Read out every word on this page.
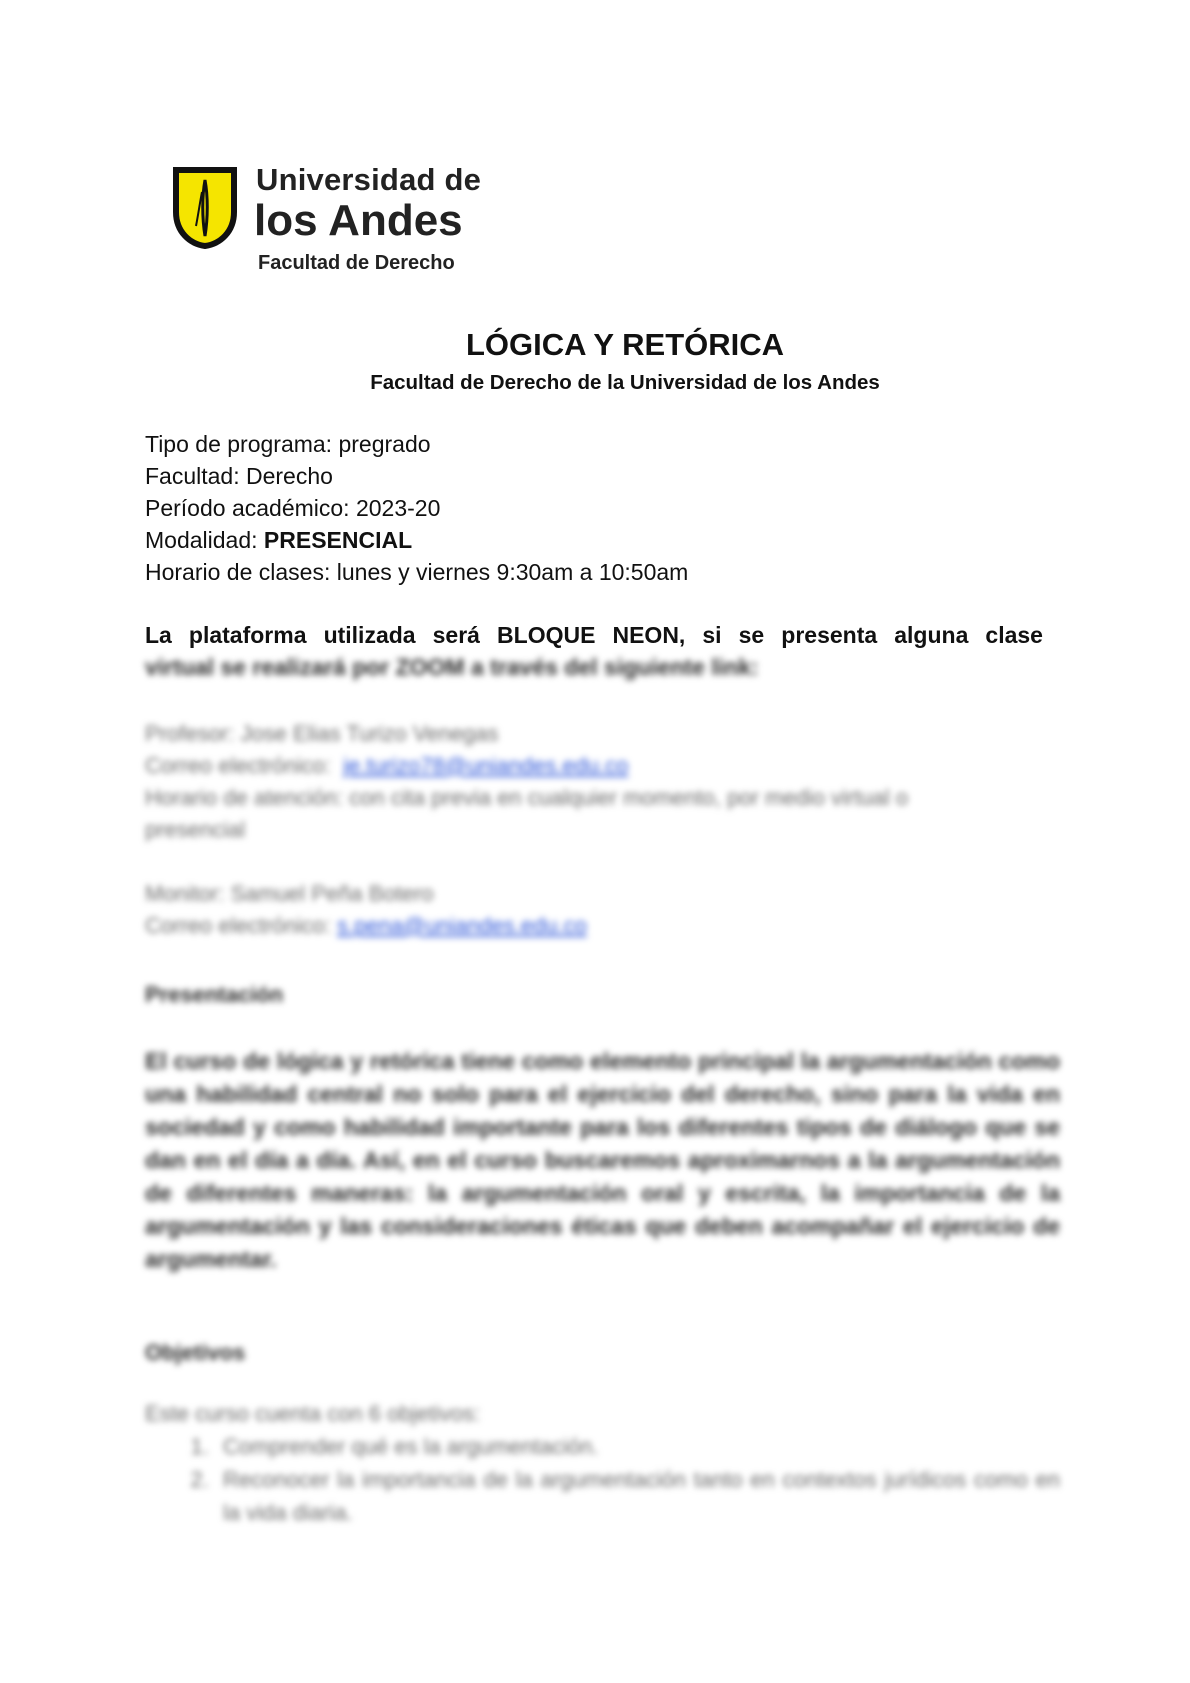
Universidad de
los Andes
Facultad de Derecho
LÓGICA Y RETÓRICA
Facultad de Derecho de la Universidad de los Andes
Tipo de programa: pregrado
Facultad: Derecho
Período académico: 2023-20
Modalidad: PRESENCIAL
Horario de clases: lunes y viernes 9:30am a 10:50am
La plataforma utilizada será BLOQUE NEON, si se presenta alguna clase
virtual se realizará por ZOOM a través del siguiente link:
Profesor: Jose Elias Turizo Venegas
Correo electrónico: je.turizo78@uniandes.edu.co
Horario de atención: con cita previa en cualquier momento, por medio virtual o
presencial
Monitor: Samuel Peña Botero
Correo electrónico: s.pena@uniandes.edu.co
Presentación
El curso de lógica y retórica tiene como elemento principal la argumentación como una habilidad central no solo para el ejercicio del derecho, sino para la vida en sociedad y como habilidad importante para los diferentes tipos de diálogo que se dan en el día a día. Así, en el curso buscaremos aproximarnos a la argumentación de diferentes maneras: la argumentación oral y escrita, la importancia de la argumentación y las consideraciones éticas que deben acompañar el ejercicio de argumentar.
Objetivos
Este curso cuenta con 6 objetivos:
1. Comprender qué es la argumentación.
2. Reconocer la importancia de la argumentación tanto en contextos jurídicos como en la vida diaria.
